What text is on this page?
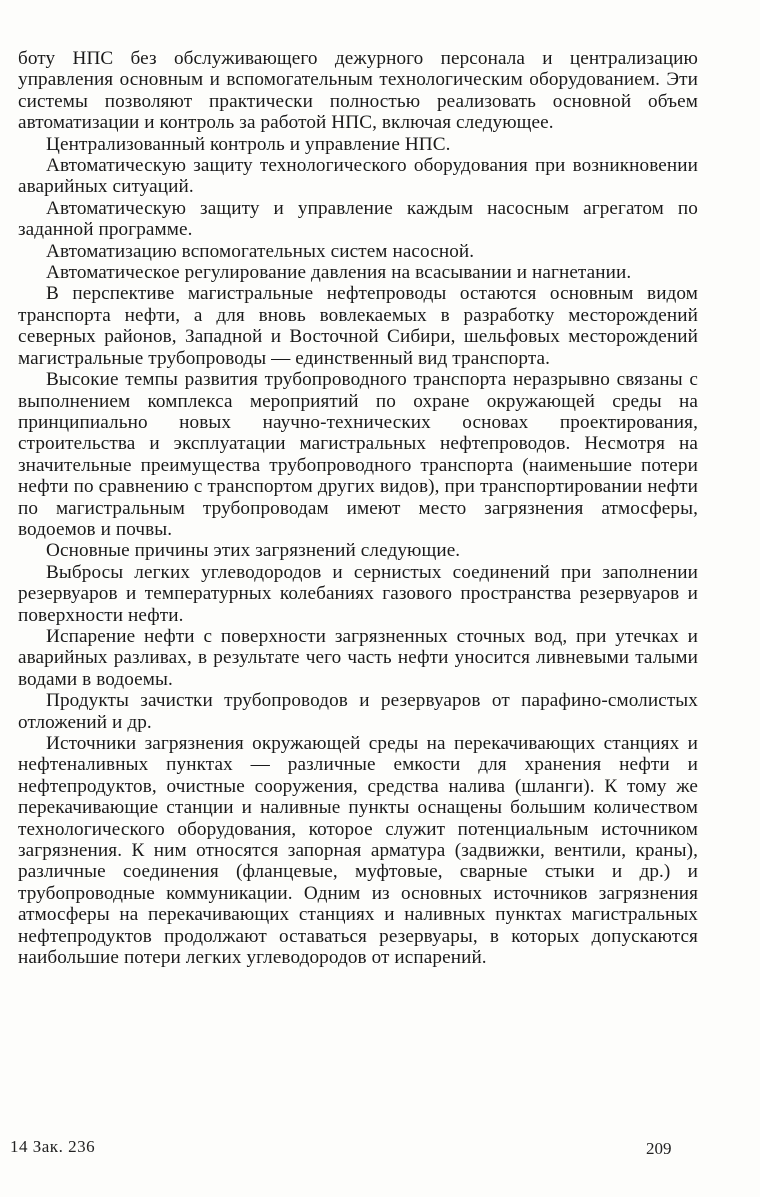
боту НПС без обслуживающего дежурного персонала и централизацию управления основным и вспомогательным технологическим оборудованием. Эти системы позволяют практически полностью реализовать основной объем автоматизации и контроль за работой НПС, включая следующее.

Централизованный контроль и управление НПС.

Автоматическую защиту технологического оборудования при возникновении аварийных ситуаций.

Автоматическую защиту и управление каждым насосным агрегатом по заданной программе.

Автоматизацию вспомогательных систем насосной.

Автоматическое регулирование давления на всасывании и нагнетании.

В перспективе магистральные нефтепроводы остаются основным видом транспорта нефти, а для вновь вовлекаемых в разработку месторождений северных районов, Западной и Восточной Сибири, шельфовых месторождений магистральные трубопроводы — единственный вид транспорта.

Высокие темпы развития трубопроводного транспорта неразрывно связаны с выполнением комплекса мероприятий по охране окружающей среды на принципиально новых научно-технических основах проектирования, строительства и эксплуатации магистральных нефтепроводов. Несмотря на значительные преимущества трубопроводного транспорта (наименьшие потери нефти по сравнению с транспортом других видов), при транспортировании нефти по магистральным трубопроводам имеют место загрязнения атмосферы, водоемов и почвы.

Основные причины этих загрязнений следующие.

Выбросы легких углеводородов и сернистых соединений при заполнении резервуаров и температурных колебаниях газового пространства резервуаров и поверхности нефти.

Испарение нефти с поверхности загрязненных сточных вод, при утечках и аварийных разливах, в результате чего часть нефти уносится ливневыми талыми водами в водоемы.

Продукты зачистки трубопроводов и резервуаров от парафино-смолистых отложений и др.

Источники загрязнения окружающей среды на перекачивающих станциях и нефтеналивных пунктах — различные емкости для хранения нефти и нефтепродуктов, очистные сооружения, средства налива (шланги). К тому же перекачивающие станции и наливные пункты оснащены большим количеством технологического оборудования, которое служит потенциальным источником загрязнения. К ним относятся запорная арматура (задвижки, вентили, краны), различные соединения (фланцевые, муфтовые, сварные стыки и др.) и трубопроводные коммуникации. Одним из основных источников загрязнения атмосферы на перекачивающих станциях и наливных пунктах магистральных нефтепродуктов продолжают оставаться резервуары, в которых допускаются наибольшие потери легких углеводородов от испарений.

14 Зак. 236	209
